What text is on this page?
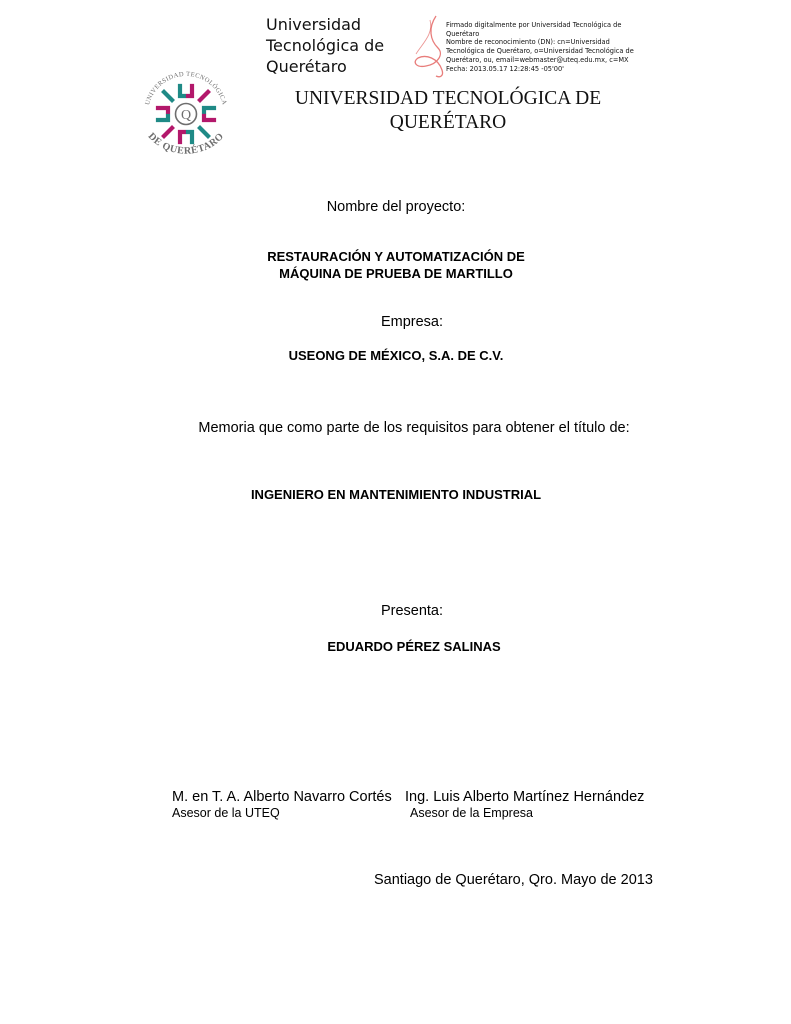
Universidad
Tecnológica de
Querétaro
Firmado digitalmente por Universidad Tecnológica de
Querétaro
Nombre de reconocimiento (DN): cn=Universidad
Tecnológica de Querétaro, o=Universidad Tecnológica de
Querétaro, ou, email=webmaster@uteq.edu.mx, c=MX
Fecha: 2013.05.17 12:28:45 -05'00'
UNIVERSIDAD TECNOLÓGICA
DE QUERÉTARO
Q
UNIVERSIDAD TECNOLÓGICA DE
QUERÉTARO
Nombre del proyecto:
RESTAURACIÓN Y AUTOMATIZACIÓN DE
MÁQUINA DE PRUEBA DE MARTILLO
Empresa:
USEONG DE MÉXICO, S.A. DE C.V.
Memoria que como parte de los requisitos para obtener el título de:
INGENIERO EN MANTENIMIENTO INDUSTRIAL
Presenta:
EDUARDO PÉREZ SALINAS
M. en T. A. Alberto Navarro Cortés
Asesor de la UTEQ
Ing. Luis Alberto Martínez Hernández
Asesor de la Empresa
Santiago de Querétaro, Qro. Mayo de 2013
